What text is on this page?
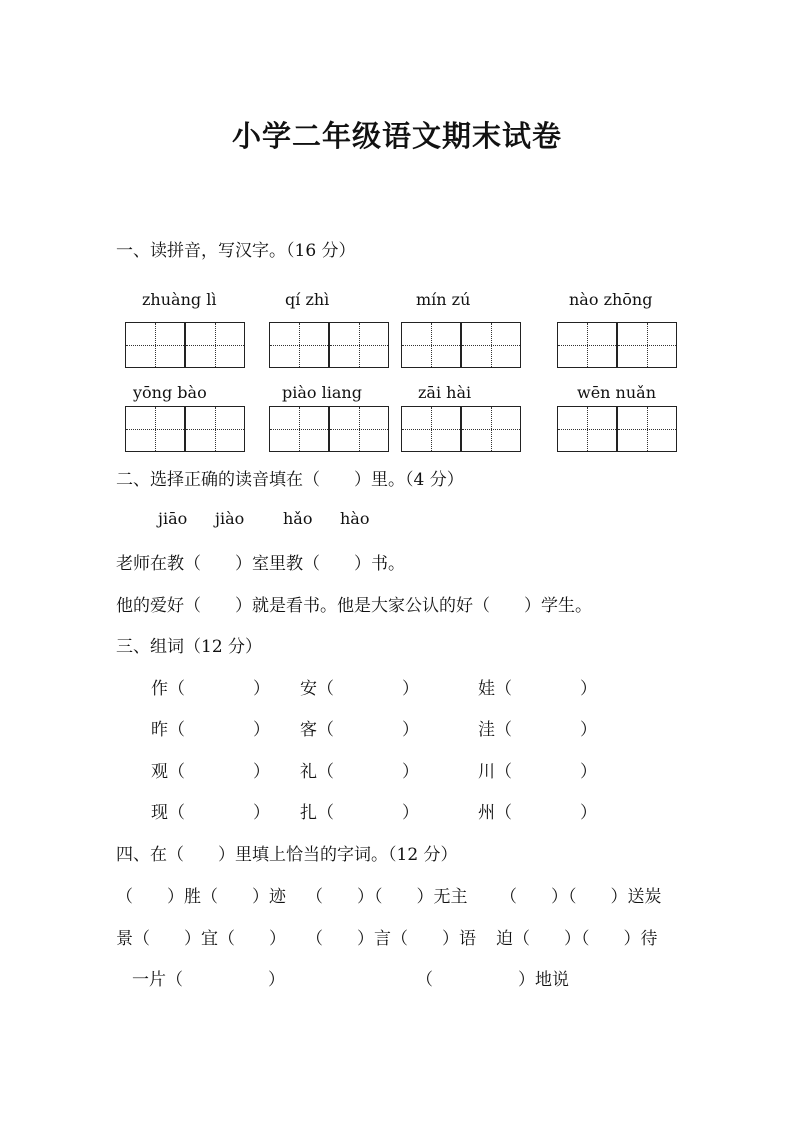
小学二年级语文期末试卷
一、读拼音，写汉字。（16 分）
zhuàng lì	qí zhì	mín zú	nào zhōng
yōng bào	piào liang	zāi hài	wēn nuǎn
二、选择正确的读音填在（　　）里。（4 分）
jiāo jiào hǎo hào
老师在教（　　）室里教（　　）书。
他的爱好（　　）就是看书。他是大家公认的好（　　）学生。
三、组词（12 分）
作（　　　　） 安（　　　　）	娃（　　　　）
昨（　　　　） 客（　　　　）	洼（　　　　）
观（　　　　） 礼（　　　　）	川（　　　　）
现（　　　　） 扎（　　　　）	州（　　　　）
四、在（　　）里填上恰当的字词。（12 分）
（　　）胜（　　）迹 （　　）（　　）无主 （　　）（　　）送炭
景（　　）宜（　　） （　　）言（　　）语 迫（　　）（　　）待
一片（　　　　　）	（　　　　　）地说
